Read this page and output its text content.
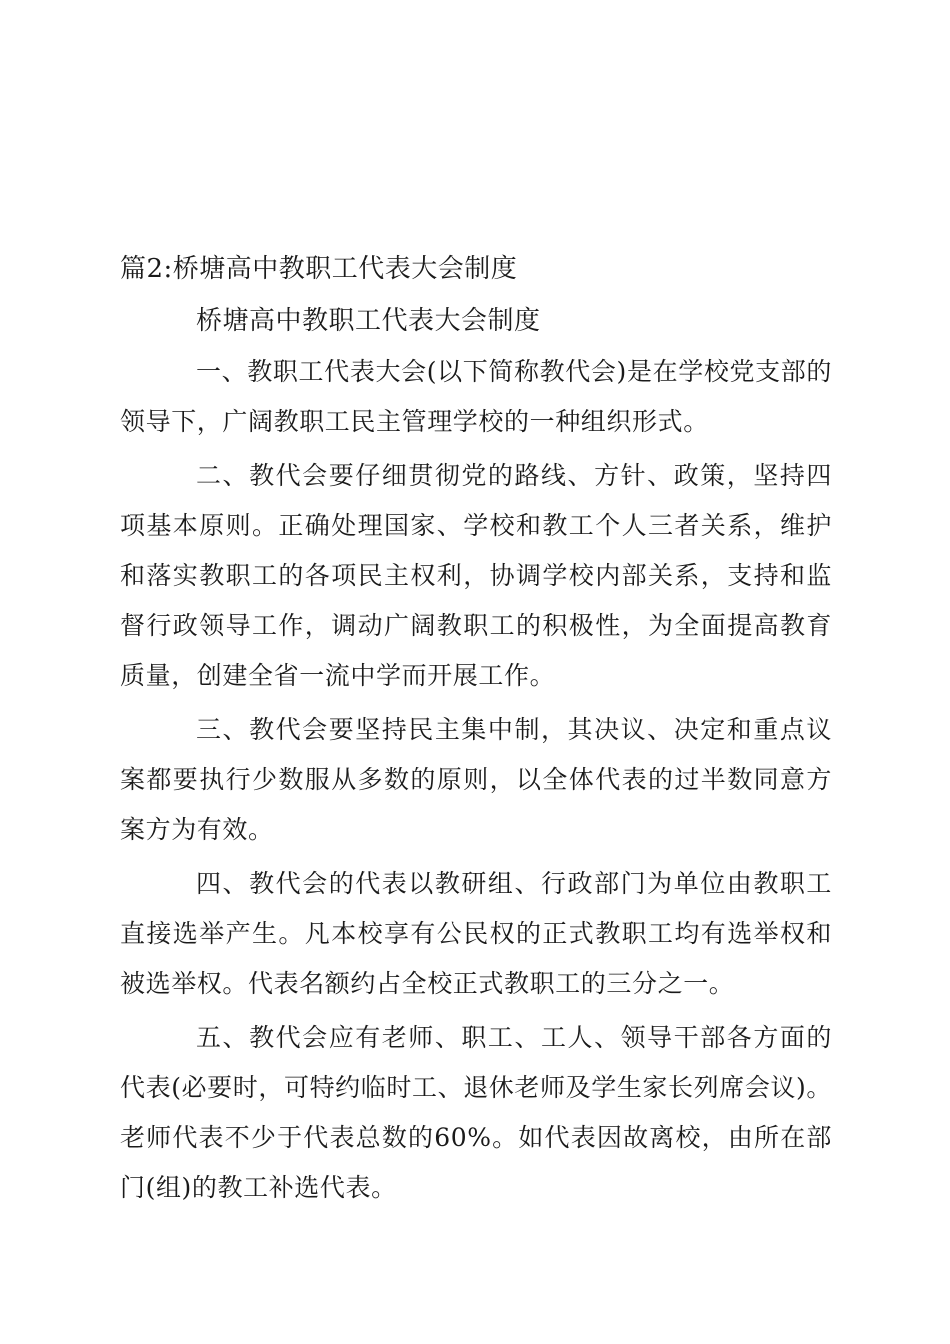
篇2:桥塘高中教职工代表大会制度
桥塘高中教职工代表大会制度

一、教职工代表大会(以下简称教代会)是在学校党支部的领导下，广阔教职工民主管理学校的一种组织形式。

二、教代会要仔细贯彻党的路线、方针、政策，坚持四项基本原则。正确处理国家、学校和教工个人三者关系，维护和落实教职工的各项民主权利，协调学校内部关系，支持和监督行政领导工作，调动广阔教职工的积极性，为全面提高教育质量，创建全省一流中学而开展工作。

三、教代会要坚持民主集中制，其决议、决定和重点议案都要执行少数服从多数的原则，以全体代表的过半数同意方案方为有效。

四、教代会的代表以教研组、行政部门为单位由教职工直接选举产生。凡本校享有公民权的正式教职工均有选举权和被选举权。代表名额约占全校正式教职工的三分之一。

五、教代会应有老师、职工、工人、领导干部各方面的代表(必要时，可特约临时工、退休老师及学生家长列席会议)。老师代表不少于代表总数的60%。如代表因故离校，由所在部门(组)的教工补选代表。
